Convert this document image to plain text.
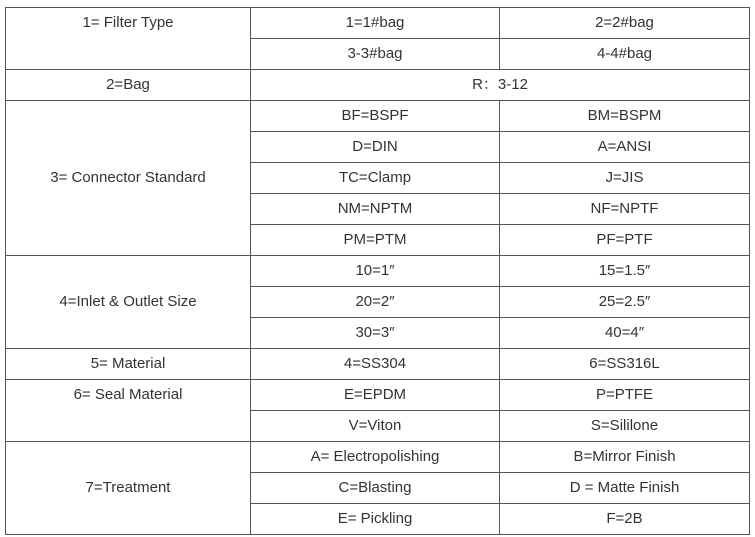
1= Filter Type	1=1#bag	2=2#bag
	3-3#bag	4-4#bag
2=Bag	R：3-12	
3= Connector Standard	BF=BSPF	BM=BSPM
	D=DIN	A=ANSI
	TC=Clamp	J=JIS
	NM=NPTM	NF=NPTF
	PM=PTM	PF=PTF
4=Inlet & Outlet Size	10=1″	15=1.5″
	20=2″	25=2.5″
	30=3″	40=4″
5= Material	4=SS304	6=SS316L

6= Seal Material	E=EPDM	P=PTFE
	V=Viton	S=Sililone
7=Treatment	A= Electropolishing	B=Mirror Finish
	C=Blasting	D = Matte Finish
	E= Pickling	F=2B
